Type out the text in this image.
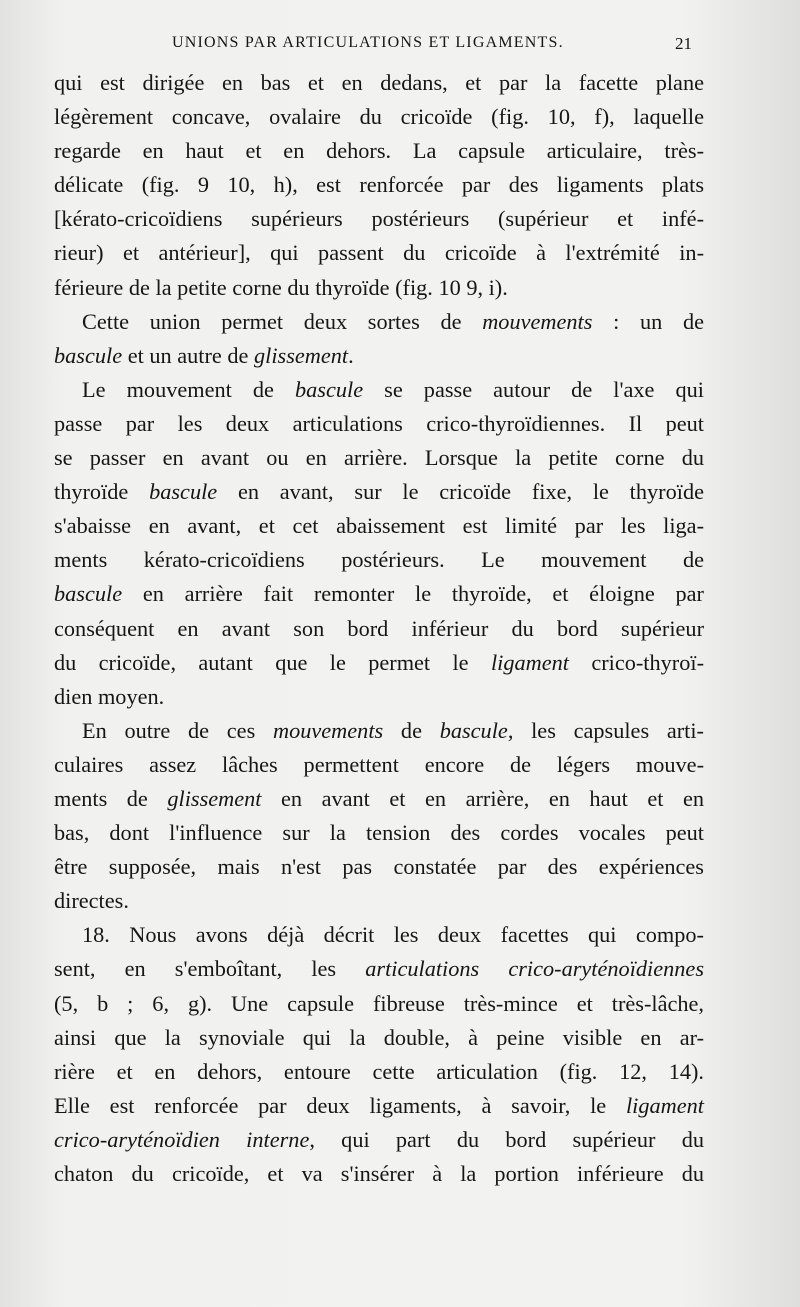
UNIONS PAR ARTICULATIONS ET LIGAMENTS.	21
qui est dirigée en bas et en dedans, et par la facette plane
légèrement concave, ovalaire du cricoïde (fig. 10, f), laquelle
regarde en haut et en dehors. La capsule articulaire, très-
délicate (fig. 9 10, h), est renforcée par des ligaments plats
[kérato-cricoïdiens supérieurs postérieurs (supérieur et infé-
rieur) et antérieur], qui passent du cricoïde à l'extrémité in-
férieure de la petite corne du thyroïde (fig. 10 9, i).
Cette union permet deux sortes de mouvements : un de
bascule et un autre de glissement.
Le mouvement de bascule se passe autour de l'axe qui
passe par les deux articulations crico-thyroïdiennes. Il peut
se passer en avant ou en arrière. Lorsque la petite corne du
thyroïde bascule en avant, sur le cricoïde fixe, le thyroïde
s'abaisse en avant, et cet abaissement est limité par les liga-
ments kérato-cricoïdiens postérieurs. Le mouvement de
bascule en arrière fait remonter le thyroïde, et éloigne par
conséquent en avant son bord inférieur du bord supérieur
du cricoïde, autant que le permet le ligament crico-thyroï-
dien moyen.
En outre de ces mouvements de bascule, les capsules arti-
culaires assez lâches permettent encore de légers mouve-
ments de glissement en avant et en arrière, en haut et en
bas, dont l'influence sur la tension des cordes vocales peut
être supposée, mais n'est pas constatée par des expériences
directes.
18. Nous avons déjà décrit les deux facettes qui compo-
sent, en s'emboîtant, les articulations crico-aryténoïdiennes
(5, b ; 6, g). Une capsule fibreuse très-mince et très-lâche,
ainsi que la synoviale qui la double, à peine visible en ar-
rière et en dehors, entoure cette articulation (fig. 12, 14).
Elle est renforcée par deux ligaments, à savoir, le ligament
crico-aryténoïdien interne, qui part du bord supérieur du
chaton du cricoïde, et va s'insérer à la portion inférieure du
